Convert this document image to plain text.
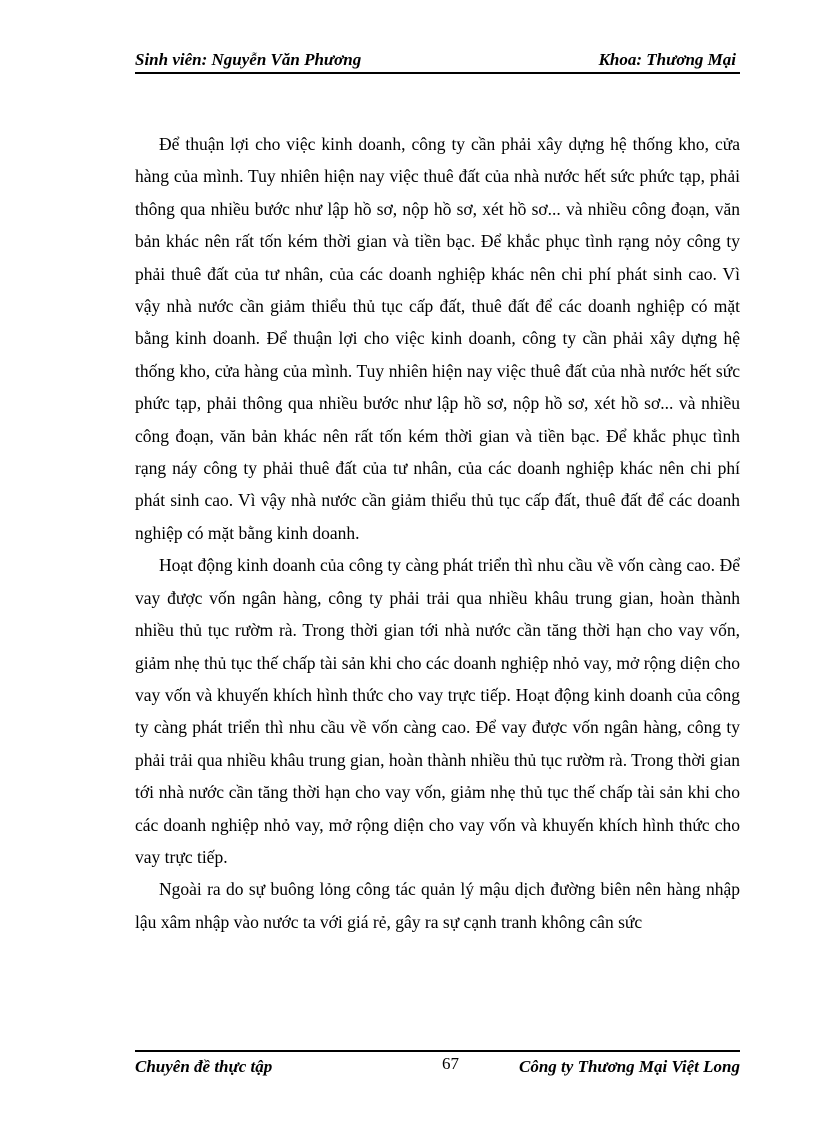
Sinh viên: Nguyễn Văn Phương	Khoa: Thương Mại

Để thuận lợi cho việc kinh doanh, công ty cần phải xây dựng hệ thống kho, cửa hàng của mình. Tuy nhiên hiện nay việc thuê đất của nhà nước hết sức phức tạp, phải thông qua nhiều bước như lập hồ sơ, nộp hồ sơ, xét hồ sơ... và nhiều công đoạn, văn bản khác nên rất tốn kém thời gian và tiền bạc. Để khắc phục tình rạng nỏy công ty phải thuê đất của tư nhân, của các doanh nghiệp khác nên chi phí phát sinh cao. Vì vậy nhà nước cần giảm thiểu thủ tục cấp đất, thuê đất để các doanh nghiệp có mặt bằng kinh doanh. Để thuận lợi cho việc kinh doanh, công ty cần phải xây dựng hệ thống kho, cửa hàng của mình. Tuy nhiên hiện nay việc thuê đất của nhà nước hết sức phức tạp, phải thông qua nhiều bước như lập hồ sơ, nộp hồ sơ, xét hồ sơ... và nhiều công đoạn, văn bản khác nên rất tốn kém thời gian và tiền bạc. Để khắc phục tình rạng náy công ty phải thuê đất của tư nhân, của các doanh nghiệp khác nên chi phí phát sinh cao. Vì vậy nhà nước cần giảm thiểu thủ tục cấp đất, thuê đất để các doanh nghiệp có mặt bằng kinh doanh.

Hoạt động kinh doanh của công ty càng phát triển thì nhu cầu về vốn càng cao. Để vay được vốn ngân hàng, công ty phải trải qua nhiều khâu trung gian, hoàn thành nhiều thủ tục rườm rà. Trong thời gian tới nhà nước cần tăng thời hạn cho vay vốn, giảm nhẹ thủ tục thế chấp tài sản khi cho các doanh nghiệp nhỏ vay, mở rộng diện cho vay vốn và khuyến khích hình thức cho vay trực tiếp. Hoạt động kinh doanh của công ty càng phát triển thì nhu cầu về vốn càng cao. Để vay được vốn ngân hàng, công ty phải trải qua nhiều khâu trung gian, hoàn thành nhiều thủ tục rườm rà. Trong thời gian tới nhà nước cần tăng thời hạn cho vay vốn, giảm nhẹ thủ tục thế chấp tài sản khi cho các doanh nghiệp nhỏ vay, mở rộng diện cho vay vốn và khuyến khích hình thức cho vay trực tiếp.

Ngoài ra do sự buông lỏng công tác quản lý mậu dịch đường biên nên hàng nhập lậu xâm nhập vào nước ta với giá rẻ, gây ra sự cạnh tranh không cân sức

Chuyên đề thực tập	67	Công ty Thương Mại Việt Long
